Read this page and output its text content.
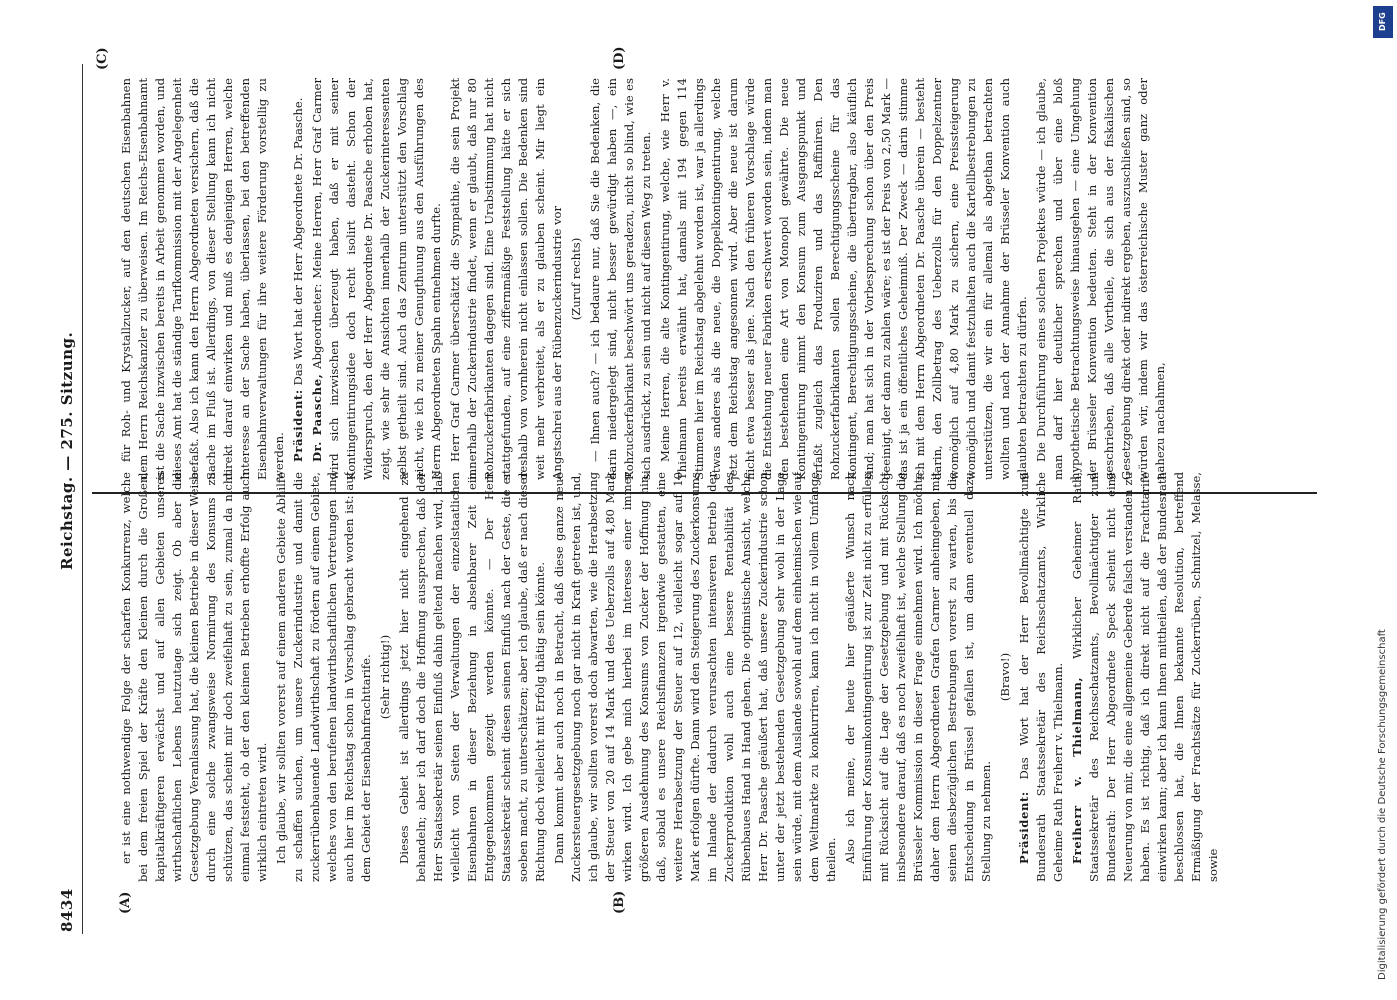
8434
Reichstag. — 275. Sitzung.
(A)	(B)
(C)	(D)

er ist eine nothwendige Folge der scharfen Konkurrenz, welche bei dem freien Spiel der Kräfte den Kleinen durch die Großen, kapitalkräftigeren erwächst und auf allen Gebieten unseres wirthschaftlichen Lebens heutzutage sich zeigt. Ob aber die Gesetzgebung Veranlassung hat, die kleinen Betriebe in dieser Weise durch eine solche zwangsweise Normirung des Konsums zu schützen, das scheint mir doch zweifelhaft zu sein, zumal da nicht einmal feststeht, ob der den kleinen Betrieben erhoffte Erfolg auch wirklich eintreten wird. Ich glaube, wir sollten vorerst auf einem anderen Gebiete Abhilfe zu schaffen suchen, um unsere Zuckerindustrie und damit die zuckerrübenbauende Landwirthschaft zu fördern auf einem Gebiete, welches von den berufenen landwirthschaftlichen Vertretungen und auch hier im Reichstag schon in Vorschlag gebracht worden ist: auf dem Gebiet der Eisenbahnfrachttarife. (Sehr richtig!) Dieses Gebiet ist allerdings jetzt hier nicht eingehend zu behandeln; aber ich darf doch die Hoffnung aussprechen, daß der Herr Staatssekretär seinen Einfluß dahin geltend machen wird, daß vielleicht von Seiten der Verwaltungen der einzelstaatlichen Eisenbahnen in dieser Beziehung in absehbarer Zeit ein Entgegenkommen gezeigt werden könnte. — Der Herr Staatssekretär scheint diesen seinen Einfluß nach der Geste, die er soeben macht, zu unterschätzen; aber ich glaube, daß er nach dieser Richtung doch vielleicht mit Erfolg thätig sein könnte. Dann kommt aber auch noch in Betracht, daß diese ganze neue Zuckersteuergesetzgebung noch gar nicht in Kraft getreten ist, und, ich glaube, wir sollten vorerst doch abwarten, wie die Herabsetzung der Steuer von 20 auf 14 Mark und des Ueberzolls auf 4,80 Mark wirken wird. Ich gebe mich hierbei im Interesse einer immer größeren Ausdehnung des Konsums von Zucker der Hoffnung hin, daß, sobald es unsere Reichsfinanzen irgendwie gestatten, eine weitere Herabsetzung der Steuer auf 12, vielleicht sogar auf 10 Mark erfolgen dürfte. Dann wird den Steigerung des Zuckerkonsums im Inlande der dadurch verursachten intensiveren Betrieb der Zuckerproduktion wohl auch eine bessere Rentabilität des Rübenbaues Hand in Hand gehen. Die optimistische Ansicht, welche Herr Dr. Paasche geäußert hat, daß unsere Zuckerindustrie schon unter der jetzt bestehenden Gesetzgebung sehr wohl in der Lage sein würde, mit dem Auslande sowohl auf dem einheimischen wie auf dem Weltmarkte zu konkurriren, kann ich nicht in vollem Umfange theilen. Also ich meine, der heute hier geäußerte Wunsch nach Einführung der Konsumkontingentirung ist zur Zeit nicht zu erfüllen mit Rücksicht auf die Lage der Gesetzgebung und mit Rücksicht insbesondere darauf, daß es noch zweifelhaft ist, welche Stellung die Brüsseler Kommission in dieser Frage einnehmen wird. Ich möchte daher dem Herrn Abgeordneten Grafen Carmer anheimgeben, mit seinen diesbezüglichen Bestrebungen vorerst zu warten, bis die Entscheidung in Brüssel gefallen ist, um dann eventuell dazu Stellung zu nehmen.

(Bravo!)

Präsident: Das Wort hat der Herr Bevollmächtigte zum Bundesrath Staatssekretär des Reichsschatzamts, Wirkliche Geheime Rath Freiherr v. Thielmann. Freiherr v. Thielmann, Wirklicher Geheimer Rath, Staatssekretär des Reichsschatzamts, Bevollmächtigter zum Bundesrath: Der Herr Abgeordnete Speck scheint nicht eine Neuerung von mir, die eine allgemeine Geberde falsch verstanden zu haben. Es ist richtig, daß ich direkt nicht auf die Frachttarife einwirken kann; aber ich kann Ihnen mittheilen, daß der Bundesrath beschlossen hat, die Ihnen bekannte Resolution, betreffend Ermäßigung der Frachtsätze für Zuckerrüben, Schnitzel, Melasse, sowie

für Roh- und Krystallzucker, auf den deutschen Eisenbahnen dem Herrn Reichskanzler zu überweisen. Im Reichs-Eisenbahnamt ist die Sache inzwischen bereits in Arbeit genommen worden, und dieses Amt hat die ständige Tarifkommission mit der Angelegenheit befaßt. Also ich kann den Herrn Abgeordneten versichern, daß die Sache im Fluß ist. Allerdings, von dieser Stellung kann ich nicht direkt darauf einwirken und muß es denjenigen Herren, welche Interesse an der Sache haben, überlassen, bei den betreffenden Eisenbahnverwaltungen für ihre weitere Förderung vorstellig zu werden. Präsident: Das Wort hat der Herr Abgeordnete Dr. Paasche.

Dr. Paasche, Abgeordneter: Meine Herren, Herr Graf Carmer wird sich inzwischen überzeugt haben, daß er mit seiner Kontingentirungsidee doch recht isolirt dasteht. Schon der Widerspruch, den der Herr Abgeordnete Dr. Paasche erhoben hat, zeigt, wie sehr die Ansichten innerhalb der Zuckerinteressenten selbst getheilt sind. Auch das Zentrum unterstützt den Vorschlag nicht, wie ich zu meiner Genugthuung aus den Ausführungen des Herrn Abgeordneten Spahn entnehmen durfte. Herr Graf Carmer überschätzt die Sympathie, die sein Projekt innerhalb der Zuckerindustrie findet, wenn er glaubt, daß nur 80 Rohzuckerfabrikanten dagegen sind. Eine Urabstimmung hat nicht stattgefunden, auf eine ziffernmäßige Feststellung hätte er sich deshalb von vornherein nicht einlassen sollen. Die Bedenken sind weit mehr verbreitet, als er zu glauben scheint. Mir liegt ein Angstschrei aus der Rübenzuckerindustrie vor (Zuruf rechts) — Ihnen auch? — ich bedaure nur, daß Sie die Bedenken, die darin niedergelegt sind, nicht besser gewürdigt haben —, ein Rohzuckerfabrikant beschwört uns geradezu, nicht so blind, wie es sich ausdrückt, zu sein und nicht auf diesen Weg zu treten. Meine Herren, die alte Kontingentirung, welche, wie Herr v. Thielmann bereits erwähnt hat, damals mit 194 gegen 114 Stimmen hier im Reichstag abgelehnt worden ist, war ja allerdings etwas anderes als die neue, die Doppelkontingentirung, welche jetzt dem Reichstag angesonnen wird. Aber die neue ist darum nicht etwa besser als jene. Nach den früheren Vorschlage würde die Entstehung neuer Fabriken erschwert worden sein, indem man den bestehenden eine Art von Monopol gewährte. Die neue Kontingentirung nimmt den Konsum zum Ausgangspunkt und erfaßt zugleich das Produziren und das Raffiniren. Den Rohzuckerfabrikanten sollen Berechtigungsscheine für das Kontingent, Berechtigungsscheine, die übertragbar, also käuflich sind; man hat sich in der Vorbesprechung schon über den Preis geeinigt, der dann zu zahlen wäre; es ist der Preis von 2,50 Mark — das ist ja ein öffentliches Geheimniß. Der Zweck — darin stimme ich mit dem Herrn Abgeordneten Dr. Paasche überein — besteht darin, den Zollbetrag des Ueberzolls für den Doppelzentner womöglich auf 4,80 Mark zu sichern, eine Preissteigerung womöglich und damit festzuhalten auch die Kartellbestrebungen zu unterstützen, die wir ein für allemal als abgethan betrachten wollten und nach der Annahme der Brüsseler Konvention auch glaubten betrachten zu dürfen. Die Durchführung eines solchen Projektes würde — ich glaube, man darf hier deutlicher sprechen und über eine bloß hypothetische Betrachtungsweise hinausgehen — eine Umgehung der Brüsseler Konvention bedeuten. Steht in der Konvention geschrieben, daß alle Vortheile, die sich aus der fiskalischen Gesetzgebung direkt oder indirekt ergeben, auszuschließen sind, so würden wir, indem wir das österreichische Muster ganz oder nahezu nachahmen,

DFG
Digitalisierung gefördert durch die Deutsche Forschungsgemeinschaft
